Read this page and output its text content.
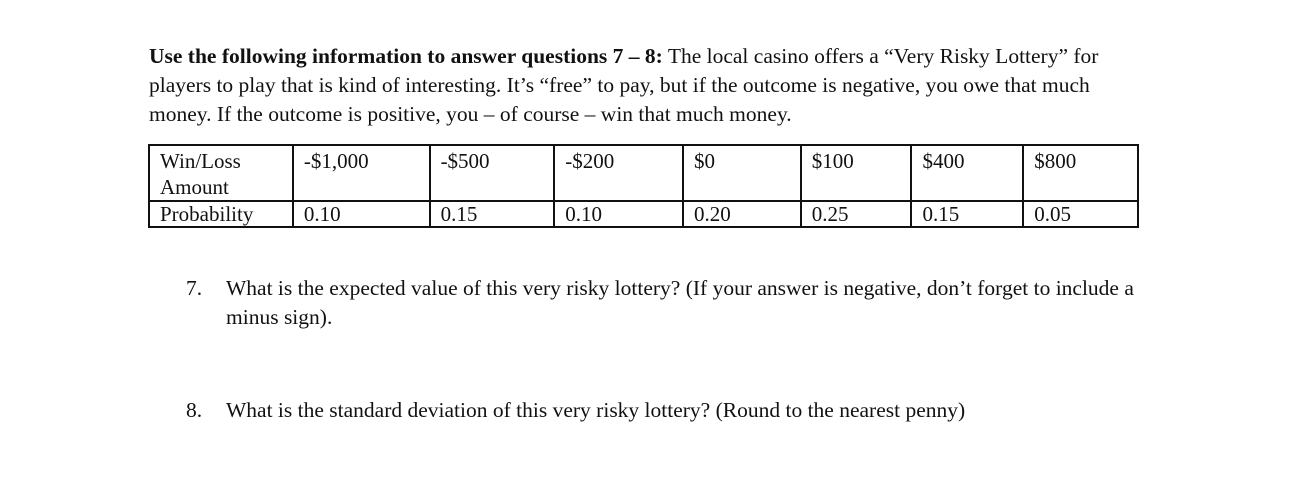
Use the following information to answer questions 7 – 8: The local casino offers a “Very Risky Lottery” for players to play that is kind of interesting. It’s “free” to pay, but if the outcome is negative, you owe that much money. If the outcome is positive, you – of course – win that much money.
Win/Loss Amount	-$1,000	-$500	-$200	$0	$100	$400	$800
Probability	0.10	0.15	0.10	0.20	0.25	0.15	0.05
7. What is the expected value of this very risky lottery? (If your answer is negative, don’t forget to include a minus sign).
8. What is the standard deviation of this very risky lottery? (Round to the nearest penny)
